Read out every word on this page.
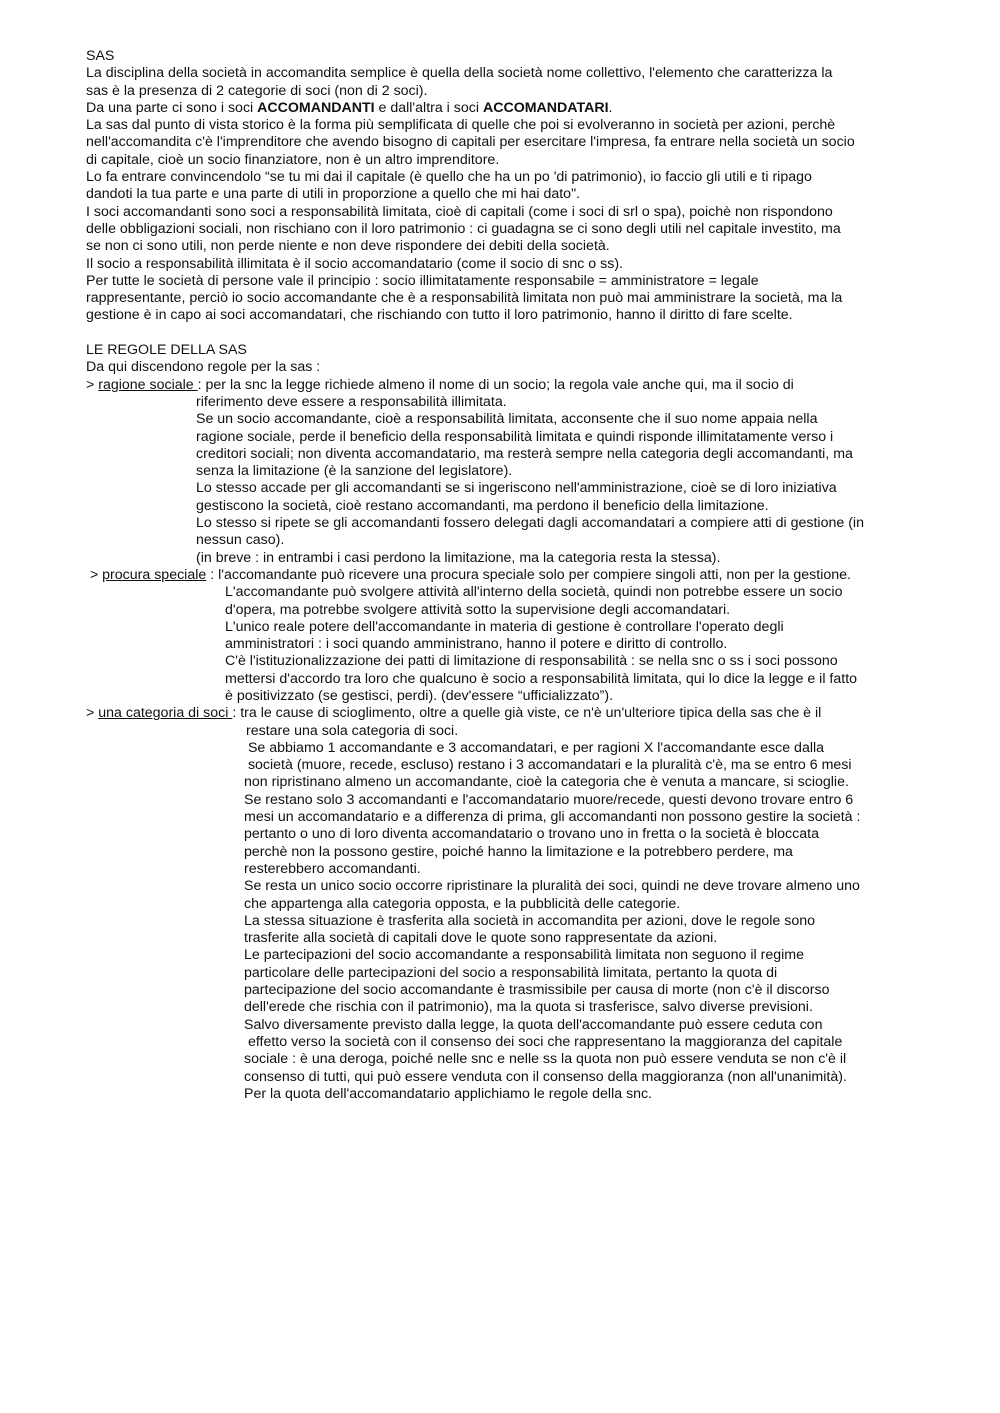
SAS
La disciplina della società in accomandita semplice è quella della società nome collettivo, l'elemento che caratterizza la
sas è la presenza di 2 categorie di soci (non di 2 soci).
Da una parte ci sono i soci ACCOMANDANTI e dall'altra i soci ACCOMANDATARI.
La sas dal punto di vista storico è la forma più semplificata di quelle che poi si evolveranno in società per azioni, perchè
nell'accomandita c'è l'imprenditore che avendo bisogno di capitali per esercitare l'impresa, fa entrare nella società un socio
di capitale, cioè un socio finanziatore, non è un altro imprenditore.
Lo fa entrare convincendolo “se tu mi dai il capitale (è quello che ha un po 'di patrimonio), io faccio gli utili e ti ripago
dandoti la tua parte e una parte di utili in proporzione a quello che mi hai dato".
I soci accomandanti sono soci a responsabilità limitata, cioè di capitali (come i soci di srl o spa), poichè non rispondono
delle obbligazioni sociali, non rischiano con il loro patrimonio : ci guadagna se ci sono degli utili nel capitale investito, ma
se non ci sono utili, non perde niente e non deve rispondere dei debiti della società.
Il socio a responsabilità illimitata è il socio accomandatario (come il socio di snc o ss).
Per tutte le società di persone vale il principio : socio illimitatamente responsabile = amministratore = legale
rappresentante, perciò io socio accomandante che è a responsabilità limitata non può mai amministrare la società, ma la
gestione è in capo ai soci accomandatari, che rischiando con tutto il loro patrimonio, hanno il diritto di fare scelte.
LE REGOLE DELLA SAS
Da qui discendono regole per la sas :
> ragione sociale : per la snc la legge richiede almeno il nome di un socio; la regola vale anche qui, ma il socio di
riferimento deve essere a responsabilità illimitata.
Se un socio accomandante, cioè a responsabilità limitata, acconsente che il suo nome appaia nella
ragione sociale, perde il beneficio della responsabilità limitata e quindi risponde illimitatamente verso i
creditori sociali; non diventa accomandatario, ma resterà sempre nella categoria degli accomandanti, ma
senza la limitazione (è la sanzione del legislatore).
Lo stesso accade per gli accomandanti se si ingeriscono nell'amministrazione, cioè se di loro iniziativa
gestiscono la società, cioè restano accomandanti, ma perdono il beneficio della limitazione.
Lo stesso si ripete se gli accomandanti fossero delegati dagli accomandatari a compiere atti di gestione (in
nessun caso).
(in breve : in entrambi i casi perdono la limitazione, ma la categoria resta la stessa).
> procura speciale : l'accomandante può ricevere una procura speciale solo per compiere singoli atti, non per la gestione.
L'accomandante può svolgere attività all'interno della società, quindi non potrebbe essere un socio
d'opera, ma potrebbe svolgere attività sotto la supervisione degli accomandatari.
L'unico reale potere dell'accomandante in materia di gestione è controllare l'operato degli
amministratori : i soci quando amministrano, hanno il potere e diritto di controllo.
C'è l'istituzionalizzazione dei patti di limitazione di responsabilità : se nella snc o ss i soci possono
mettersi d'accordo tra loro che qualcuno è socio a responsabilità limitata, qui lo dice la legge e il fatto
è positivizzato (se gestisci, perdi). (dev'essere “ufficializzato”).
> una categoria di soci : tra le cause di scioglimento, oltre a quelle già viste, ce n'è un'ulteriore tipica della sas che è il
restare una sola categoria di soci.
Se abbiamo 1 accomandante e 3 accomandatari, e per ragioni X l'accomandante esce dalla
società (muore, recede, escluso) restano i 3 accomandatari e la pluralità c'è, ma se entro 6 mesi
non ripristinano almeno un accomandante, cioè la categoria che è venuta a mancare, si scioglie.
Se restano solo 3 accomandanti e l'accomandatario muore/recede, questi devono trovare entro 6
mesi un accomandatario e a differenza di prima, gli accomandanti non possono gestire la società :
pertanto o uno di loro diventa accomandatario o trovano uno in fretta o la società è bloccata
perchè non la possono gestire, poiché hanno la limitazione e la potrebbero perdere, ma
resterebbero accomandanti.
Se resta un unico socio occorre ripristinare la pluralità dei soci, quindi ne deve trovare almeno uno
che appartenga alla categoria opposta, e la pubblicità delle categorie.
La stessa situazione è trasferita alla società in accomandita per azioni, dove le regole sono
trasferite alla società di capitali dove le quote sono rappresentate da azioni.
Le partecipazioni del socio accomandante a responsabilità limitata non seguono il regime
particolare delle partecipazioni del socio a responsabilità limitata, pertanto la quota di
partecipazione del socio accomandante è trasmissibile per causa di morte (non c'è il discorso
dell'erede che rischia con il patrimonio), ma la quota si trasferisce, salvo diverse previsioni.
Salvo diversamente previsto dalla legge, la quota dell'accomandante può essere ceduta con
effetto verso la società con il consenso dei soci che rappresentano la maggioranza del capitale
sociale : è una deroga, poiché nelle snc e nelle ss la quota non può essere venduta se non c'è il
consenso di tutti, qui può essere venduta con il consenso della maggioranza (non all'unanimità).
Per la quota dell'accomandatario applichiamo le regole della snc.
